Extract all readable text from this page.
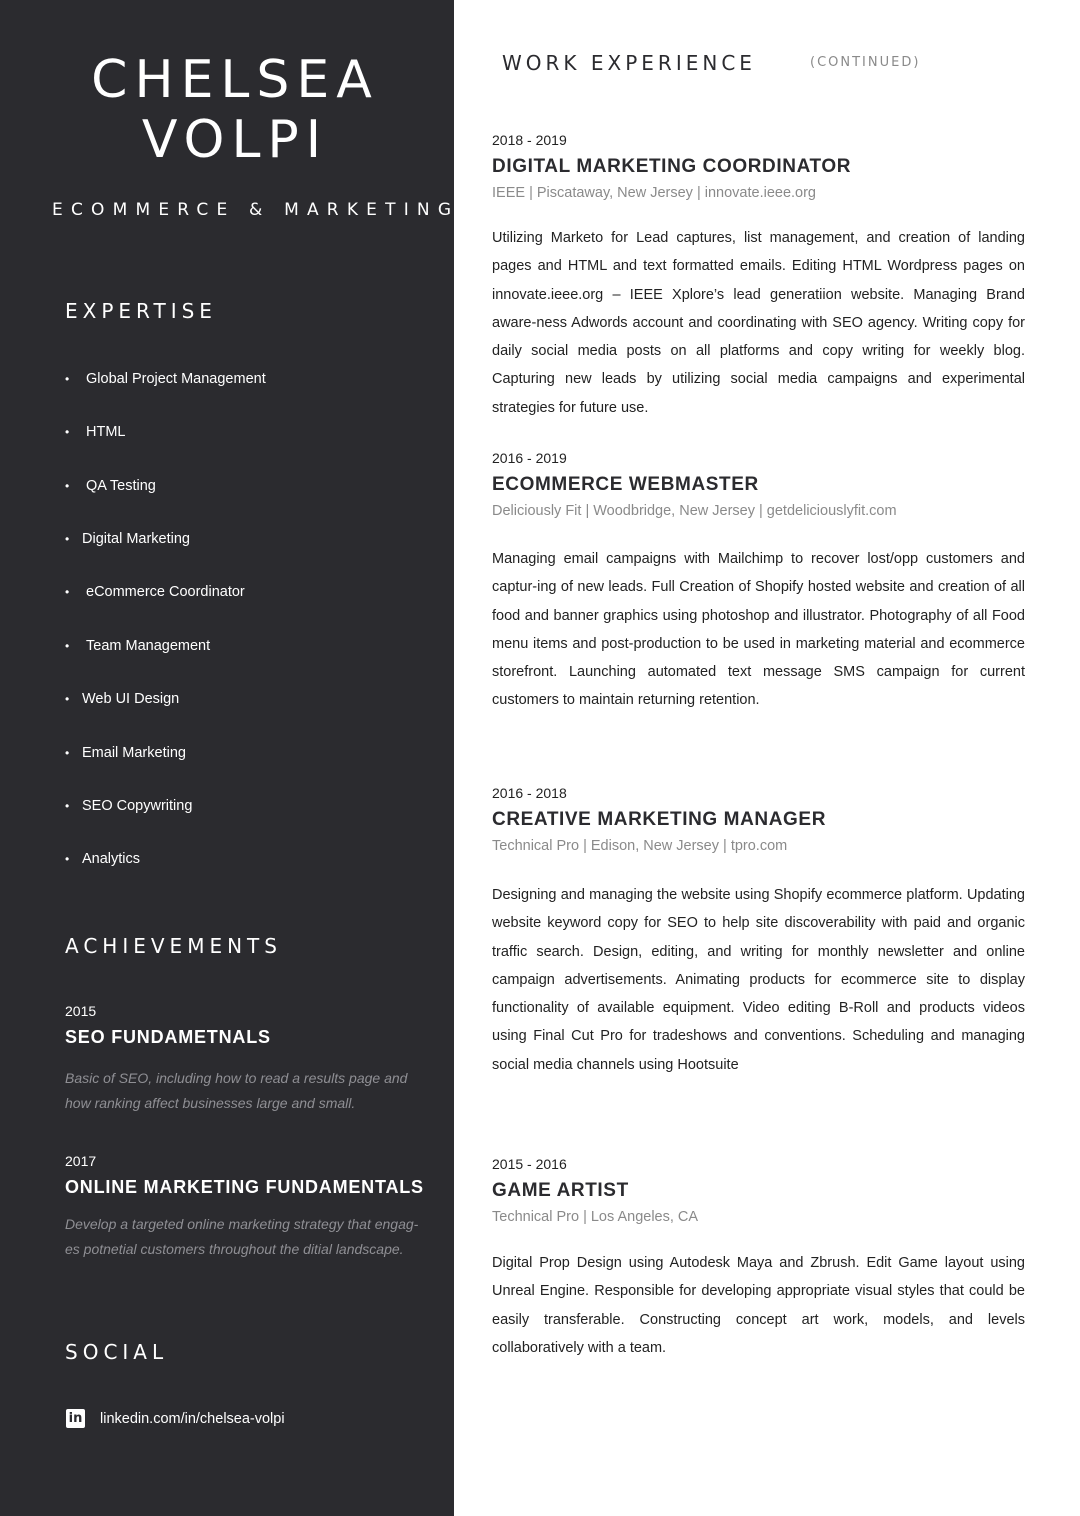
CHELSEA
VOLPI
ECOMMERCE & MARKETING
EXPERTISE
• Global Project Management
• HTML
• QA Testing
• Digital Marketing
• eCommerce Coordinator
• Team Management
• Web UI Design
• Email Marketing
• SEO Copywriting
• Analytics
ACHIEVEMENTS
2015
SEO FUNDAMETNALS
Basic of SEO, including how to read a results page and how ranking affect businesses large and small.
2017
ONLINE MARKETING FUNDAMENTALS
Develop a targeted online marketing strategy that engag-es potnetial customers throughout the ditial landscape.
SOCIAL
in linkedin.com/in/chelsea-volpi
WORK EXPERIENCE	(CONTINUED)
2018 - 2019
DIGITAL MARKETING COORDINATOR
IEEE | Piscataway, New Jersey | innovate.ieee.org
Utilizing Marketo for Lead captures, list management, and creation of landing pages and HTML and text formatted emails. Editing HTML Wordpress pages on innovate.ieee.org – IEEE Xplore’s lead generatiion website. Managing Brand aware-ness Adwords account and coordinating with SEO agency. Writing copy for daily social media posts on all platforms and copy writing for weekly blog. Capturing new leads by utilizing social media campaigns and experimental strategies for future use.
2016 - 2019
ECOMMERCE WEBMASTER
Deliciously Fit | Woodbridge, New Jersey | getdeliciouslyfit.com
Managing email campaigns with Mailchimp to recover lost/opp customers and captur-ing of new leads. Full Creation of Shopify hosted website and creation of all food and banner graphics using photoshop and illustrator. Photography of all Food menu items and post-production to be used in marketing material and ecommerce storefront. Launching automated text message SMS campaign for current customers to maintain returning retention.
2016 - 2018
CREATIVE MARKETING MANAGER
Technical Pro | Edison, New Jersey | tpro.com
Designing and managing the website using Shopify ecommerce platform. Updating website keyword copy for SEO to help site discoverability with paid and organic traffic search. Design, editing, and writing for monthly newsletter and online campaign advertisements. Animating products for ecommerce site to display functionality of available equipment. Video editing B-Roll and products videos using Final Cut Pro for tradeshows and conventions. Scheduling and managing social media channels using Hootsuite
2015 - 2016
GAME ARTIST
Technical Pro | Los Angeles, CA
Digital Prop Design using Autodesk Maya and Zbrush. Edit Game layout using Unreal Engine. Responsible for developing appropriate visual styles that could be easily transferable. Constructing concept art work, models, and levels collaboratively with a team.
